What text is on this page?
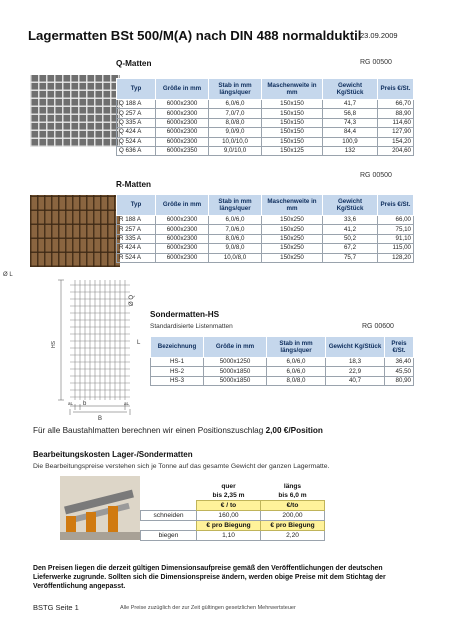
Lagermatten BSt 500/M(A) nach DIN 488 normalduktil
23.09.2009
Q-Matten	RG 00500
Typ	Größe in mm	Stab in mm längs/quer	Maschenweite in mm	Gewicht Kg/Stück	Preis €/St.
Q 188 A	6000x2300	6,0/6,0	150x150	41,7	66,70
Q 257 A	6000x2300	7,0/7,0	150x150	56,8	88,90
Q 335 A	6000x2300	8,0/8,0	150x150	74,3	114,60
Q 424 A	6000x2300	9,0/9,0	150x150	84,4	127,90
Q 524 A	6000x2300	10,0/10,0	150x150	100,9	154,20
Q 636 A	6000x2350	9,0/10,0	150x125	132	204,60
RG 00500
R-Matten
Typ	Größe in mm	Stab in mm längs/quer	Maschenweite in mm	Gewicht Kg/Stück	Preis €/St.
R 188 A	6000x2300	6,0/6,0	150x250	33,6	66,00
R 257 A	6000x2300	7,0/6,0	150x250	41,2	75,10
R 335 A	6000x2300	8,0/6,0	150x250	50,2	91,10
R 424 A	6000x2300	9,0/8,0	150x250	67,2	115,00
R 524 A	6000x2300	10,0/8,0	150x250	75,7	128,20
Ø L
Ø Q
L
HS
B
b
aL	aL
Sondermatten-HS
Standardisierte Listenmatten	RG 00600
Bezeichnung	Größe in mm	Stab in mm längs/quer	Gewicht Kg/Stück	Preis €/St.
HS-1	5000x1250	6,0/6,0	18,3	36,40
HS-2	5000x1850	6,0/6,0	22,9	45,50
HS-3	5000x1850	8,0/8,0	40,7	80,90
Für alle Baustahlmatten berechnen wir einen Positionszuschlag 2,00 €/Position
Bearbeitungskosten Lager-/Sondermatten
Die Bearbeitungspreise verstehen sich je Tonne auf das gesamte Gewicht der ganzen Lagermatte.
	quer	längs
	bis 2,35 m	bis 6,0 m
	€ / to	€/to
schneiden	160,00	200,00
	€ pro Biegung	€ pro Biegung
biegen	1,10	2,20
Den Preisen liegen die derzeit gültigen Dimensionsaufpreise gemäß den Veröffentlichungen der deutschen Lieferwerke zugrunde. Sollten sich die Dimensionspreise ändern, werden obige Preise mit dem Stichtag der Veröffentlichung angepasst.
BSTG Seite 1	Alle Preise zuzüglich der zur Zeit gültingen gesetzlichen Mehrwertsteuer
